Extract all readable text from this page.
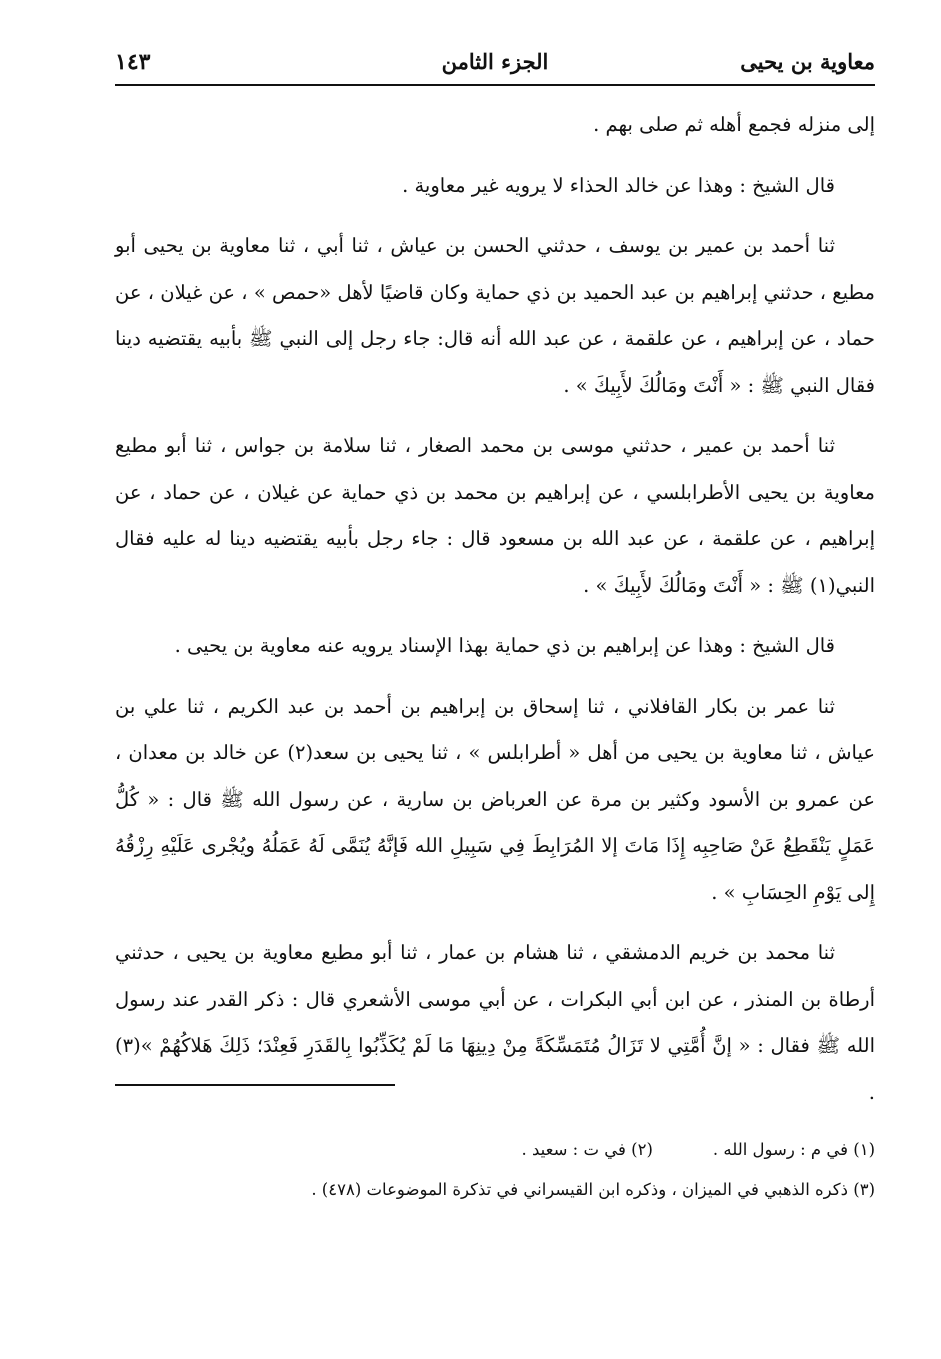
معاوية بن يحيى
الجزء الثامن
١٤٣

إلى منزله فجمع أهله ثم صلى بهم .

قال الشيخ : وهذا عن خالد الحذاء لا يرويه غير معاوية .

ثنا أحمد بن عمير بن يوسف ، حدثني الحسن بن عياش ، ثنا أبي ، ثنا معاوية بن يحيى أبو مطيع ، حدثني إبراهيم بن عبد الحميد بن ذي حماية وكان قاضيًا لأهل «حمص » ، عن غيلان ، عن حماد ، عن إبراهيم ، عن علقمة ، عن عبد الله أنه قال: جاء رجل إلى النبي ﷺ بأبيه يقتضيه دينا فقال النبي ﷺ : « أَنْتَ ومَالُكَ لأَبِيكَ » .

ثنا أحمد بن عمير ، حدثني موسى بن محمد الصغار ، ثنا سلامة بن جواس ، ثنا أبو مطيع معاوية بن يحيى الأطرابلسي ، عن إبراهيم بن محمد بن ذي حماية عن غيلان ، عن حماد ، عن إبراهيم ، عن علقمة ، عن عبد الله بن مسعود قال : جاء رجل بأبيه يقتضيه دينا له عليه فقال النبي(١) ﷺ : « أَنْتَ ومَالُكَ لأَبِيكَ » .

قال الشيخ : وهذا عن إبراهيم بن ذي حماية بهذا الإسناد يرويه عنه معاوية بن يحيى .

ثنا عمر بن بكار القافلاني ، ثنا إسحاق بن إبراهيم بن أحمد بن عبد الكريم ، ثنا علي بن عياش ، ثنا معاوية بن يحيى من أهل « أطرابلس » ، ثنا يحيى بن سعد(٢) عن خالد بن معدان ، عن عمرو بن الأسود وكثير بن مرة عن العرباض بن سارية ، عن رسول الله ﷺ قال : « كُلُّ عَمَلٍ يَنْقَطِعُ عَنْ صَاحِبِه إِذَا مَاتَ إلا المُرَابِطَ فِي سَبِيلِ الله فَإنَّهُ يُنَمَّى لَهُ عَمَلُهُ ويُجْرى عَلَيْهِ رِزْقُهُ إِلى يَوْمِ الحِسَابِ » .

ثنا محمد بن خريم الدمشقي ، ثنا هشام بن عمار ، ثنا أبو مطيع معاوية بن يحيى ، حدثني أرطاة بن المنذر ، عن ابن أبي البكرات ، عن أبي موسى الأشعري قال : ذكر القدر عند رسول الله ﷺ فقال : « إنَّ أُمَّتِي لا تَزَالُ مُتَمَسِّكَةً مِنْ دِينِهَا مَا لَمْ يُكَذِّبُوا بِالقَدَرِ فَعِنْدَ؛ ذَلِكَ هَلاكُهُمْ »(٣) .

(١) في م : رسول الله .
(٢) في ت : سعيد .
(٣) ذكره الذهبي في الميزان ، وذكره ابن القيسراني في تذكرة الموضوعات (٤٧٨) .
